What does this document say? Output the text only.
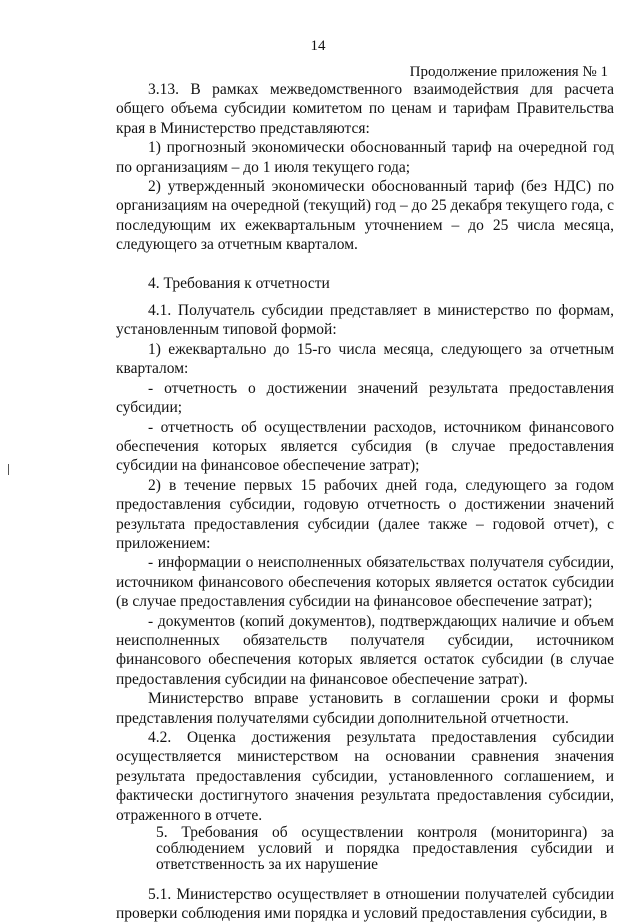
14
Продолжение приложения № 1

3.13. В рамках межведомственного взаимодействия для расчета общего объема субсидии комитетом по ценам и тарифам Правительства края в Министерство представляются:

1) прогнозный экономически обоснованный тариф на очередной год по организациям – до 1 июля текущего года;

2) утвержденный экономически обоснованный тариф (без НДС) по организациям на очередной (текущий) год – до 25 декабря текущего года, с последующим их ежеквартальным уточнением – до 25 числа месяца, следующего за отчетным кварталом.

4. Требования к отчетности

4.1. Получатель субсидии представляет в министерство по формам, установленным типовой формой:

1) ежеквартально до 15-го числа месяца, следующего за отчетным кварталом:

- отчетность о достижении значений результата предоставления субсидии;

- отчетность об осуществлении расходов, источником финансового обеспечения которых является субсидия (в случае предоставления субсидии на финансовое обеспечение затрат);

2) в течение первых 15 рабочих дней года, следующего за годом предоставления субсидии, годовую отчетность о достижении значений результата предоставления субсидии (далее также – годовой отчет), с приложением:

- информации о неисполненных обязательствах получателя субсидии, источником финансового обеспечения которых является остаток субсидии (в случае предоставления субсидии на финансовое обеспечение затрат);

- документов (копий документов), подтверждающих наличие и объем неисполненных обязательств получателя субсидии, источником финансового обеспечения которых является остаток субсидии (в случае предоставления субсидии на финансовое обеспечение затрат).

Министерство вправе установить в соглашении сроки и формы представления получателями субсидии дополнительной отчетности.

4.2. Оценка достижения результата предоставления субсидии осуществляется министерством на основании сравнения значения результата предоставления субсидии, установленного соглашением, и фактически достигнутого значения результата предоставления субсидии, отраженного в отчете.

5. Требования об осуществлении контроля (мониторинга) за соблюдением условий и порядка предоставления субсидии и ответственность за их нарушение

5.1. Министерство осуществляет в отношении получателей субсидии проверки соблюдения ими порядка и условий предоставления субсидии, в
